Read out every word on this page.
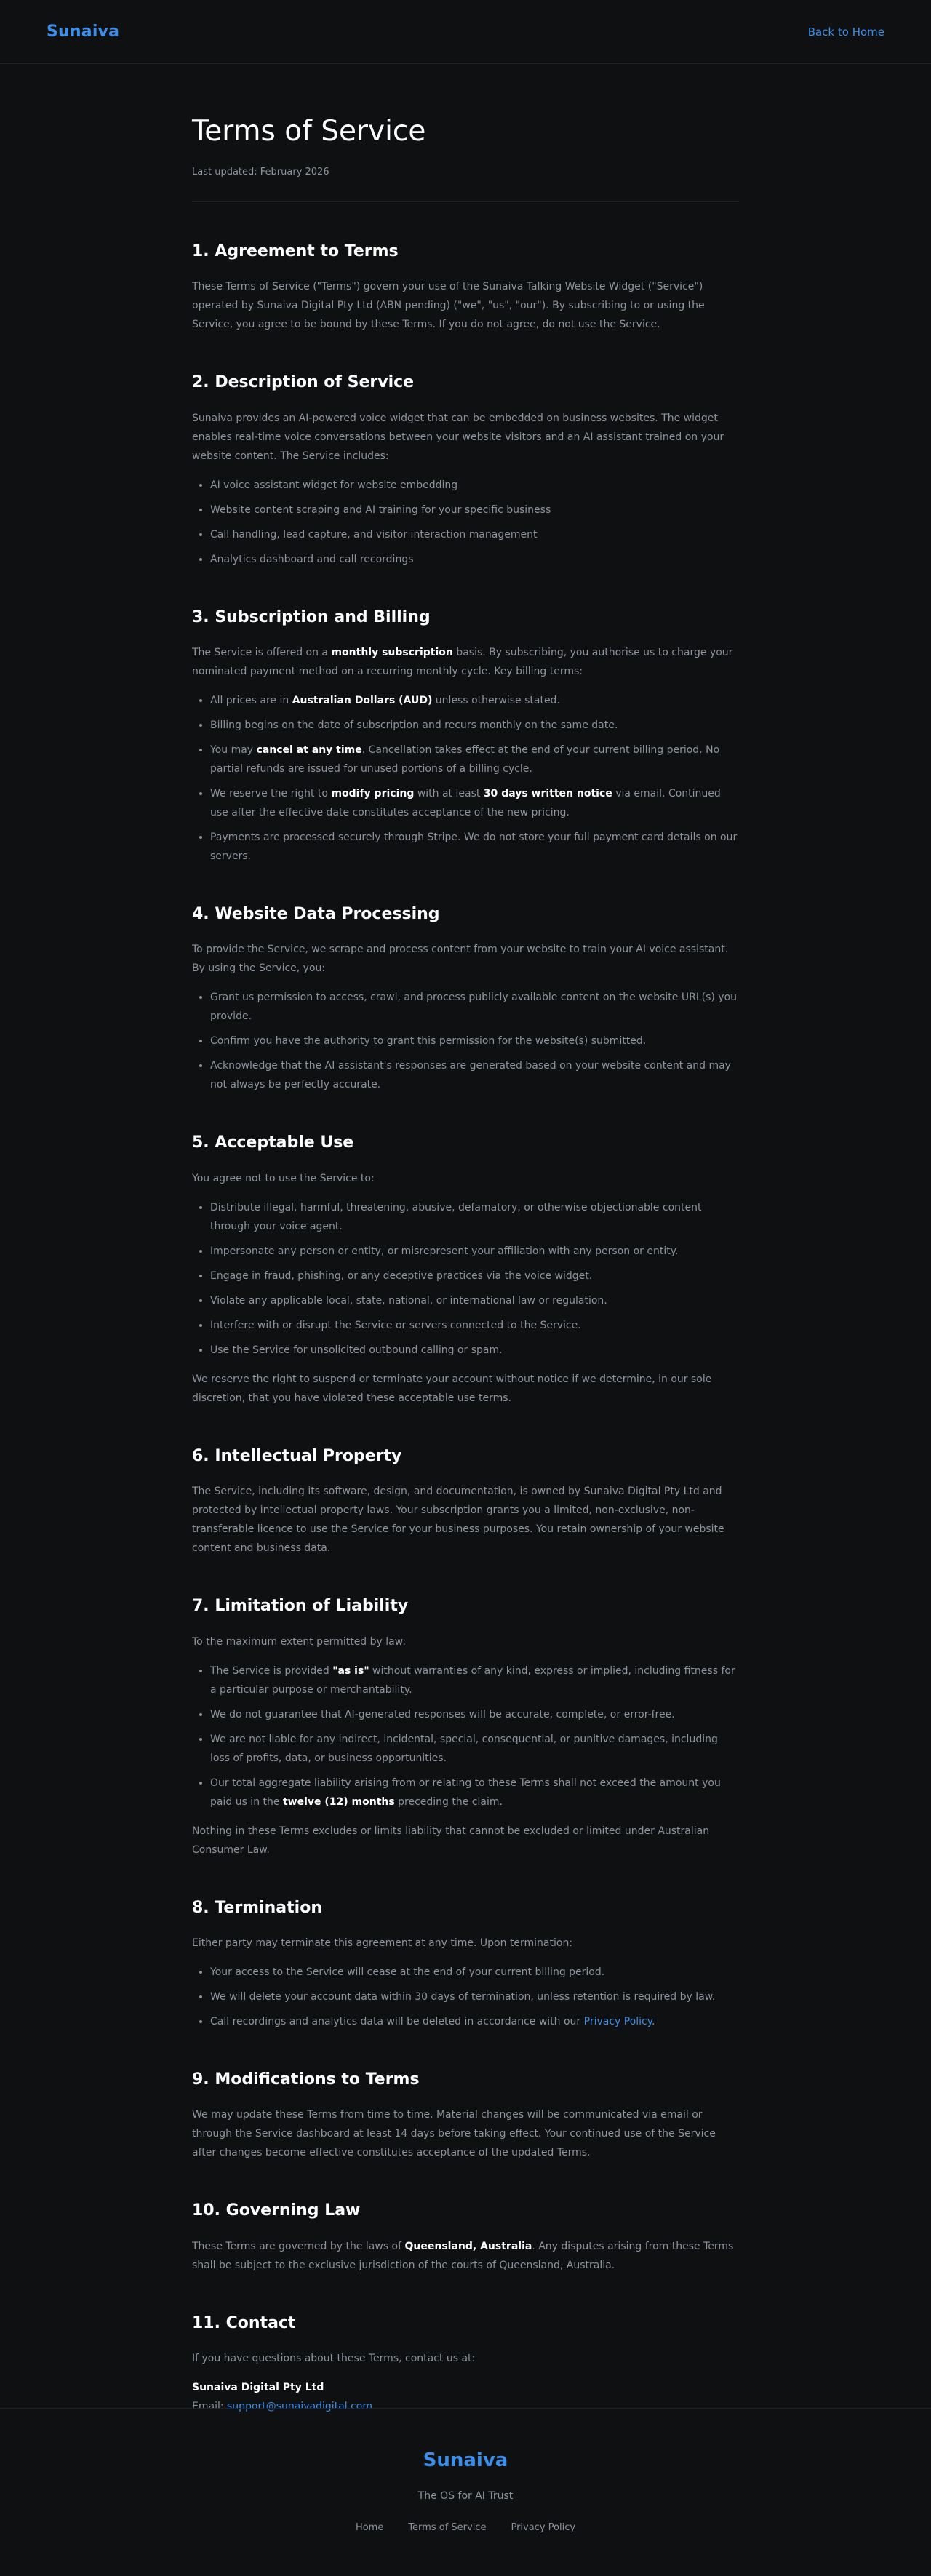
Sunaiva	Back to Home
Terms of Service

Last updated: February 2026

1. Agreement to Terms

These Terms of Service ("Terms") govern your use of the Sunaiva Talking Website Widget ("Service") operated by Sunaiva Digital Pty Ltd (ABN pending) ("we", "us", "our"). By subscribing to or using the Service, you agree to be bound by these Terms. If you do not agree, do not use the Service.

2. Description of Service

Sunaiva provides an AI-powered voice widget that can be embedded on business websites. The widget enables real-time voice conversations between your website visitors and an AI assistant trained on your website content. The Service includes:

• AI voice assistant widget for website embedding
• Website content scraping and AI training for your specific business
• Call handling, lead capture, and visitor interaction management
• Analytics dashboard and call recordings
3. Subscription and Billing

The Service is offered on a monthly subscription basis. By subscribing, you authorise us to charge your nominated payment method on a recurring monthly cycle. Key billing terms:

• All prices are in Australian Dollars (AUD) unless otherwise stated.
• Billing begins on the date of subscription and recurs monthly on the same date.
• You may cancel at any time. Cancellation takes effect at the end of your current billing period. No partial refunds are issued for unused portions of a billing cycle.
• We reserve the right to modify pricing with at least 30 days written notice via email. Continued use after the effective date constitutes acceptance of the new pricing.
• Payments are processed securely through Stripe. We do not store your full payment card details on our servers.
4. Website Data Processing

To provide the Service, we scrape and process content from your website to train your AI voice assistant. By using the Service, you:

• Grant us permission to access, crawl, and process publicly available content on the website URL(s) you provide.
• Confirm you have the authority to grant this permission for the website(s) submitted.
• Acknowledge that the AI assistant's responses are generated based on your website content and may not always be perfectly accurate.
5. Acceptable Use

You agree not to use the Service to:

• Distribute illegal, harmful, threatening, abusive, defamatory, or otherwise objectionable content through your voice agent.
• Impersonate any person or entity, or misrepresent your affiliation with any person or entity.
• Engage in fraud, phishing, or any deceptive practices via the voice widget.
• Violate any applicable local, state, national, or international law or regulation.
• Interfere with or disrupt the Service or servers connected to the Service.
• Use the Service for unsolicited outbound calling or spam.

We reserve the right to suspend or terminate your account without notice if we determine, in our sole discretion, that you have violated these acceptable use terms.

6. Intellectual Property

The Service, including its software, design, and documentation, is owned by Sunaiva Digital Pty Ltd and protected by intellectual property laws. Your subscription grants you a limited, non-exclusive, non-transferable licence to use the Service for your business purposes. You retain ownership of your website content and business data.

7. Limitation of Liability

To the maximum extent permitted by law:

• The Service is provided "as is" without warranties of any kind, express or implied, including fitness for a particular purpose or merchantability.
• We do not guarantee that AI-generated responses will be accurate, complete, or error-free.
• We are not liable for any indirect, incidental, special, consequential, or punitive damages, including loss of profits, data, or business opportunities.
• Our total aggregate liability arising from or relating to these Terms shall not exceed the amount you paid us in the twelve (12) months preceding the claim.

Nothing in these Terms excludes or limits liability that cannot be excluded or limited under Australian Consumer Law.

8. Termination

Either party may terminate this agreement at any time. Upon termination:

• Your access to the Service will cease at the end of your current billing period.
• We will delete your account data within 30 days of termination, unless retention is required by law.
• Call recordings and analytics data will be deleted in accordance with our Privacy Policy.
9. Modifications to Terms

We may update these Terms from time to time. Material changes will be communicated via email or through the Service dashboard at least 14 days before taking effect. Your continued use of the Service after changes become effective constitutes acceptance of the updated Terms.

10. Governing Law

These Terms are governed by the laws of Queensland, Australia. Any disputes arising from these Terms shall be subject to the exclusive jurisdiction of the courts of Queensland, Australia.

11. Contact

If you have questions about these Terms, contact us at:

Sunaiva Digital Pty Ltd

Email: support@sunaivadigital.com

Sunaiva
The OS for AI Trust
Home	Terms of Service	Privacy Policy
